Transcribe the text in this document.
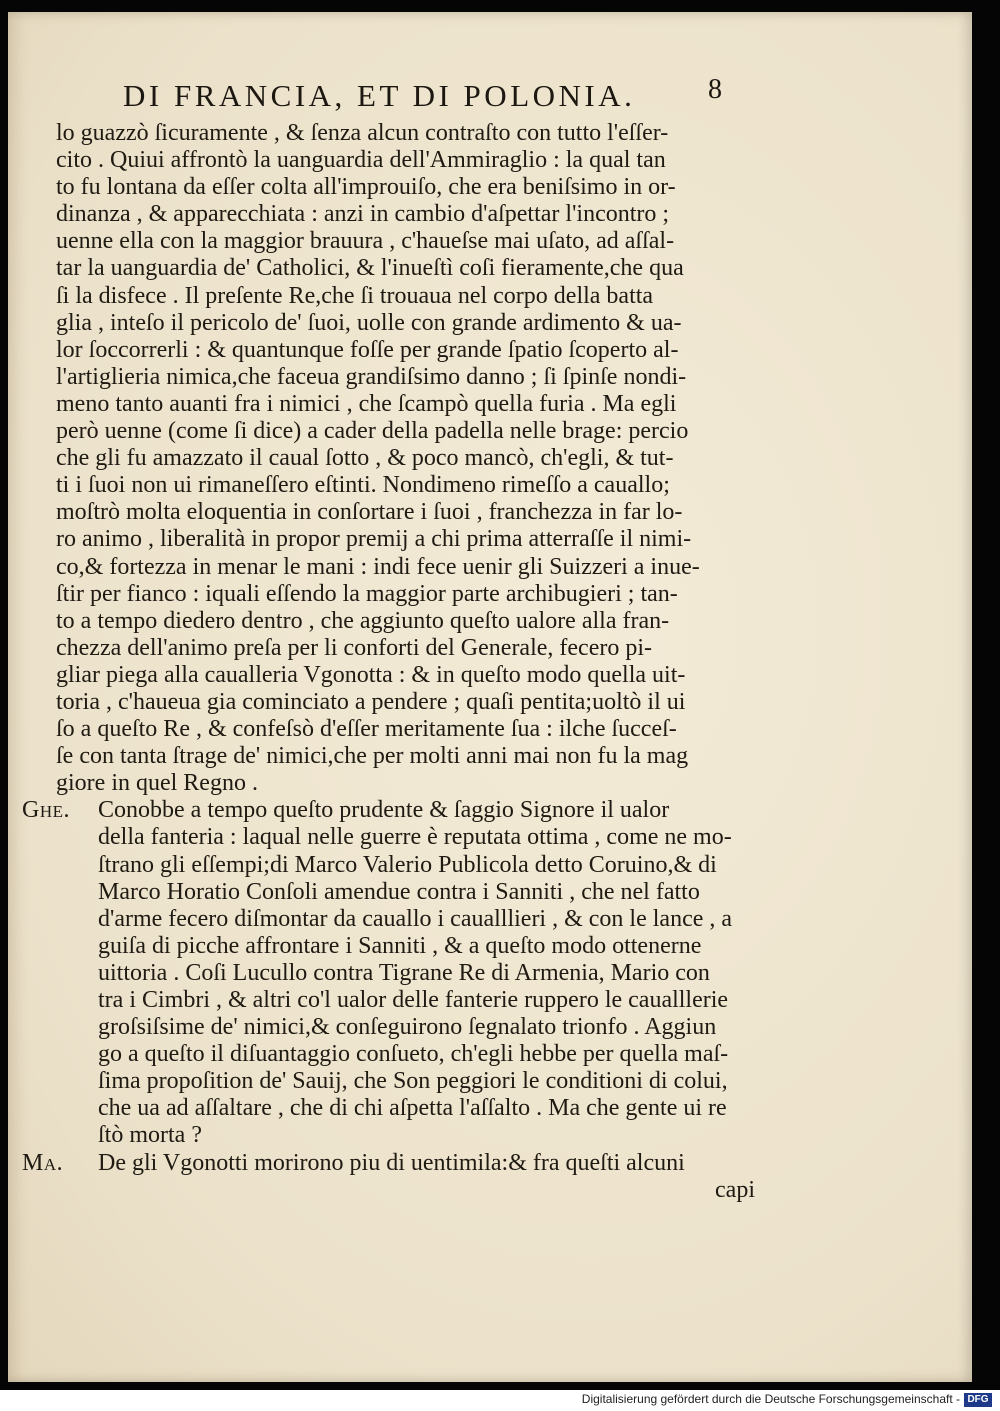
DI FRANCIA, ET DI POLONIA.	8
lo guazzò ſicuramente , & ſenza alcun contraſto con tutto l'eſſer-
cito . Quiui affrontò la uanguardia dell'Ammiraglio : la qual tan
to fu lontana da eſſer colta all'improuiſo, che era beniſsimo in or-
dinanza , & apparecchiata : anzi in cambio d'aſpettar l'incontro ;
uenne ella con la maggior brauura , c'haueſse mai uſato, ad aſſal-
tar la uanguardia de' Catholici, & l'inueſtì coſi fieramente,che qua
ſi la disfece . Il preſente Re,che ſi trouaua nel corpo della batta
glia , inteſo il pericolo de' ſuoi, uolle con grande ardimento & ua-
lor ſoccorrerli : & quantunque foſſe per grande ſpatio ſcoperto al-
l'artiglieria nimica,che faceua grandiſsimo danno ; ſi ſpinſe nondi-
meno tanto auanti fra i nimici , che ſcampò quella furia . Ma egli
però uenne (come ſi dice) a cader della padella nelle brage: percio
che gli fu amazzato il caual ſotto , & poco mancò, ch'egli, & tut-
ti i ſuoi non ui rimaneſſero eſtinti. Nondimeno rimeſſo a cauallo;
moſtrò molta eloquentia in conſortare i ſuoi , franchezza in far lo-
ro animo , liberalità in propor premij a chi prima atterraſſe il nimi-
co,& fortezza in menar le mani : indi fece uenir gli Suizzeri a inue-
ſtir per fianco : iquali eſſendo la maggior parte archibugieri ; tan-
to a tempo diedero dentro , che aggiunto queſto ualore alla fran-
chezza dell'animo preſa per li conforti del Generale, fecero pi-
gliar piega alla caualleria Vgonotta : & in queſto modo quella uit-
toria , c'haueua gia cominciato a pendere ; quaſi pentita;uoltò il ui
ſo a queſto Re , & confeſsò d'eſſer meritamente ſua : ilche ſucceſ-
ſe con tanta ſtrage de' nimici,che per molti anni mai non fu la mag
giore in quel Regno .
Ghe. Conobbe a tempo queſto prudente & ſaggio Signore il ualor
della fanteria : laqual nelle guerre è reputata ottima , come ne mo-
ſtrano gli eſſempi;di Marco Valerio Publicola detto Coruino,& di
Marco Horatio Conſoli amendue contra i Sanniti , che nel fatto
d'arme fecero diſmontar da cauallo i caualllieri , & con le lance , a
guiſa di picche affrontare i Sanniti , & a queſto modo ottenerne
uittoria . Coſi Lucullo contra Tigrane Re di Armenia, Mario con
tra i Cimbri , & altri co'l ualor delle fanterie ruppero le caualllerie
groſsiſsime de' nimici,& conſeguirono ſegnalato trionfo . Aggiun
go a queſto il diſuantaggio conſueto, ch'egli hebbe per quella maſ-
ſima propoſition de' Sauij, che Son peggiori le conditioni di colui,
che ua ad aſſaltare , che di chi aſpetta l'aſſalto . Ma che gente ui re
ſtò morta ?
Ma. De gli Vgonotti morirono piu di uentimila:& fra queſti alcuni
capi
Digitalisierung gefördert durch die Deutsche Forschungsgemeinschaft - DFG
